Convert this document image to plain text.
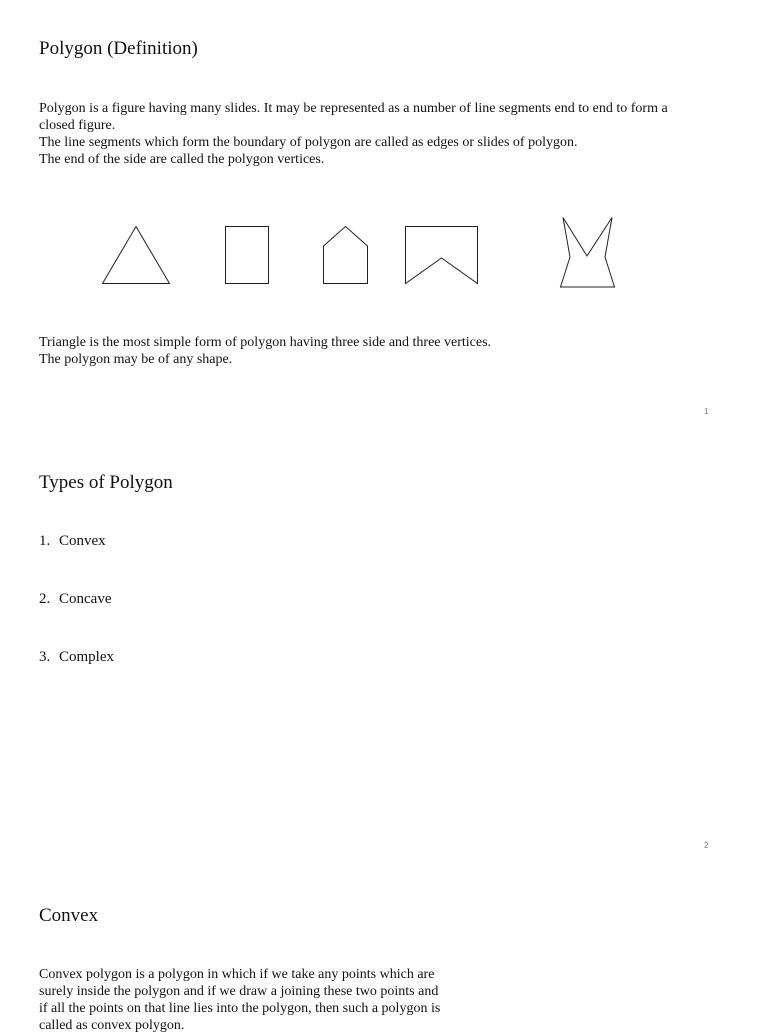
Polygon (Definition)
Polygon is a figure having many slides. It may be represented as a number of line segments end to end to form a
closed figure.
The line segments which form the boundary of polygon are called as edges or slides of polygon.
The end of the side are called the polygon vertices.
Triangle is the most simple form of polygon having three side and three vertices.
The polygon may be of any shape.
1
Types of Polygon
1. Convex
2. Concave
3. Complex
2
Convex
Convex polygon is a polygon in which if we take any points which are
surely inside the polygon and if we draw a joining these two points and
if all the points on that line lies into the polygon, then such a polygon is
called as convex polygon.
